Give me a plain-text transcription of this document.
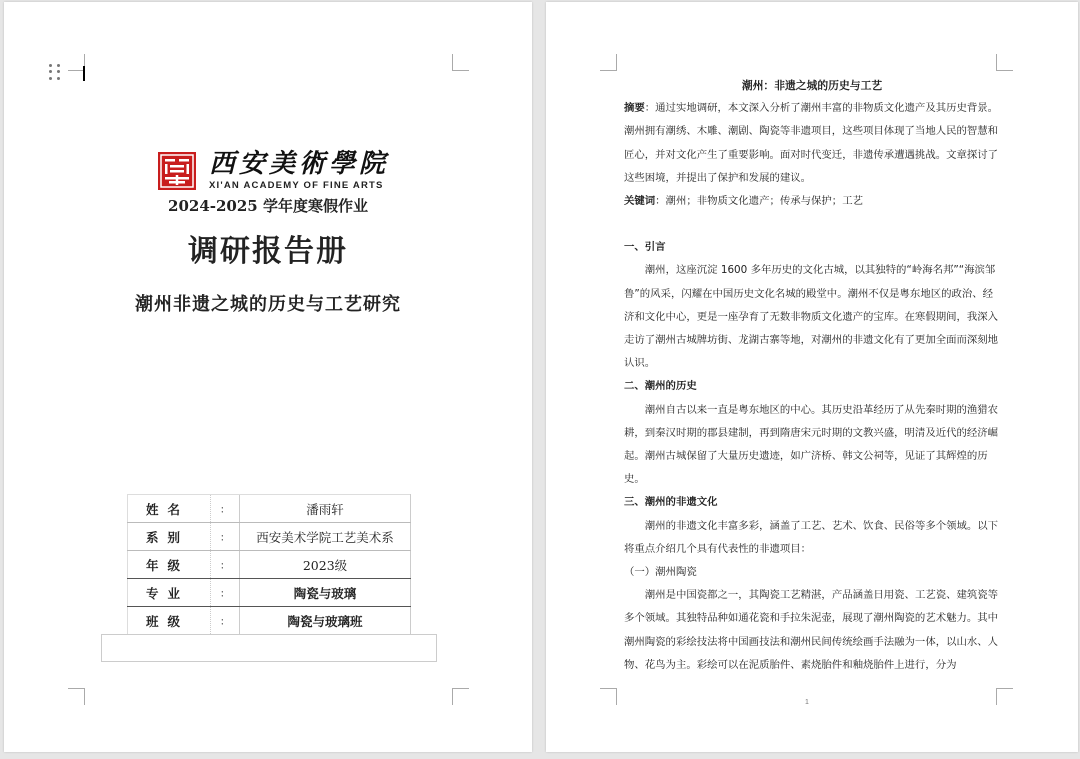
西安美術學院
XI'AN ACADEMY OF FINE ARTS
2024-2025 学年度寒假作业
调研报告册
潮州非遗之城的历史与工艺研究
姓 名	：	潘雨轩

系 别	：	西安美术学院工艺美术系

年 级	：	2023级

专 业	：	陶瓷与玻璃

班 级	：	陶瓷与玻璃班

潮州：非遗之城的历史与工艺

摘要：通过实地调研，本文深入分析了潮州丰富的非物质文化遗产及其历史背景。潮州拥有潮绣、木雕、潮剧、陶瓷等非遗项目，这些项目体现了当地人民的智慧和匠心，并对文化产生了重要影响。面对时代变迁，非遗传承遭遇挑战。文章探讨了这些困境，并提出了保护和发展的建议。

关键词：潮州；非物质文化遗产；传承与保护；工艺

一、引言

潮州，这座沉淀 1600 多年历史的文化古城，以其独特的“岭海名邦”“海滨邹鲁”的风采，闪耀在中国历史文化名城的殿堂中。潮州不仅是粤东地区的政治、经济和文化中心，更是一座孕育了无数非物质文化遗产的宝库。在寒假期间，我深入走访了潮州古城牌坊街、龙湖古寨等地，对潮州的非遗文化有了更加全面而深刻地认识。

二、潮州的历史

潮州自古以来一直是粤东地区的中心。其历史沿革经历了从先秦时期的渔猎农耕，到秦汉时期的郡县建制，再到隋唐宋元时期的文教兴盛，明清及近代的经济崛起。潮州古城保留了大量历史遗迹，如广济桥、韩文公祠等，见证了其辉煌的历史。

三、潮州的非遗文化

潮州的非遗文化丰富多彩，涵盖了工艺、艺术、饮食、民俗等多个领域。以下将重点介绍几个具有代表性的非遗项目：

（一）潮州陶瓷

潮州是中国瓷都之一，其陶瓷工艺精湛，产品涵盖日用瓷、工艺瓷、建筑瓷等多个领域。其独特品种如通花瓷和手拉朱泥壶，展现了潮州陶瓷的艺术魅力。其中潮州陶瓷的彩绘技法将中国画技法和潮州民间传统绘画手法融为一体，以山水、人物、花鸟为主。彩绘可以在泥质胎件、素烧胎件和釉烧胎件上进行，分为

1
